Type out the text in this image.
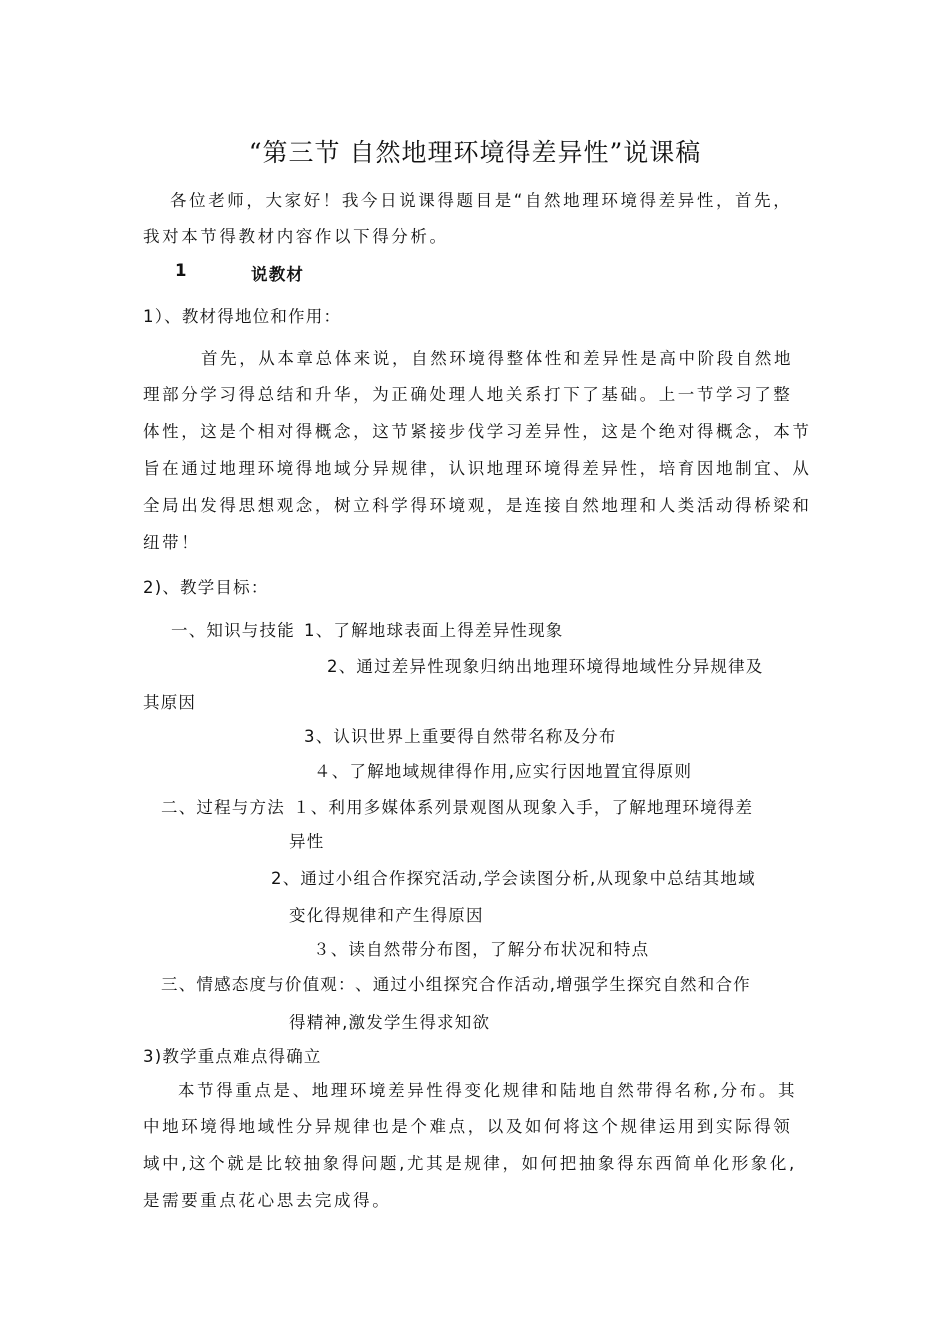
“第三节 自然地理环境得差异性”说课稿
各位老师，大家好！我今日说课得题目是“自然地理环境得差异性，首先，
我对本节得教材内容作以下得分析。
1	说教材
1）、教材得地位和作用：
首先，从本章总体来说，自然环境得整体性和差异性是高中阶段自然地
理部分学习得总结和升华，为正确处理人地关系打下了基础。上一节学习了整
体性，这是个相对得概念，这节紧接步伐学习差异性，这是个绝对得概念，本节
旨在通过地理环境得地域分异规律，认识地理环境得差异性，培育因地制宜、从
全局出发得思想观念，树立科学得环境观，是连接自然地理和人类活动得桥梁和
纽带！
2)、教学目标：
一、知识与技能 1、了解地球表面上得差异性现象
2、通过差异性现象归纳出地理环境得地域性分异规律及
其原因
3、认识世界上重要得自然带名称及分布
４、了解地域规律得作用,应实行因地置宜得原则
二、过程与方法 １、利用多媒体系列景观图从现象入手，了解地理环境得差
异性
2、通过小组合作探究活动,学会读图分析,从现象中总结其地域
变化得规律和产生得原因
３、读自然带分布图，了解分布状况和特点
三、情感态度与价值观： 、通过小组探究合作活动,增强学生探究自然和合作
得精神,激发学生得求知欲
3)教学重点难点得确立
本节得重点是、地理环境差异性得变化规律和陆地自然带得名称,分布。其
中地环境得地域性分异规律也是个难点，以及如何将这个规律运用到实际得领
域中,这个就是比较抽象得问题,尤其是规律，如何把抽象得东西简单化形象化,
是需要重点花心思去完成得。
